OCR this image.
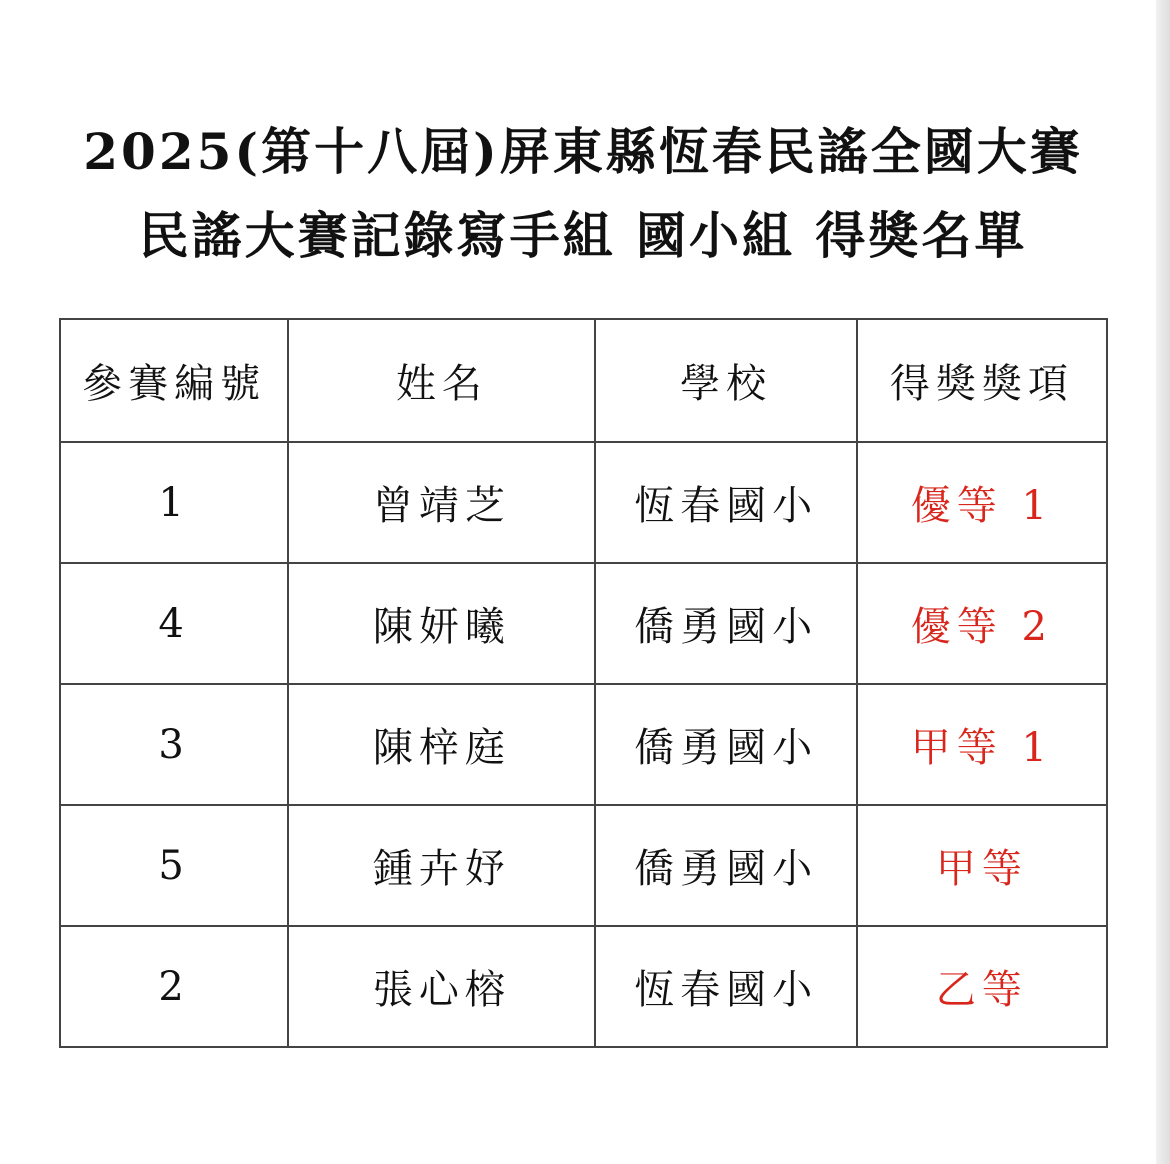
2025(第十八屆)屏東縣恆春民謠全國大賽
民謠大賽記錄寫手組 國小組 得獎名單
參賽編號	姓名	學校	得獎獎項
1	曾靖芝	恆春國小	優等 1
4	陳妍曦	僑勇國小	優等 2
3	陳梓庭	僑勇國小	甲等 1
5	鍾卉妤	僑勇國小	甲等
2	張心榕	恆春國小	乙等
